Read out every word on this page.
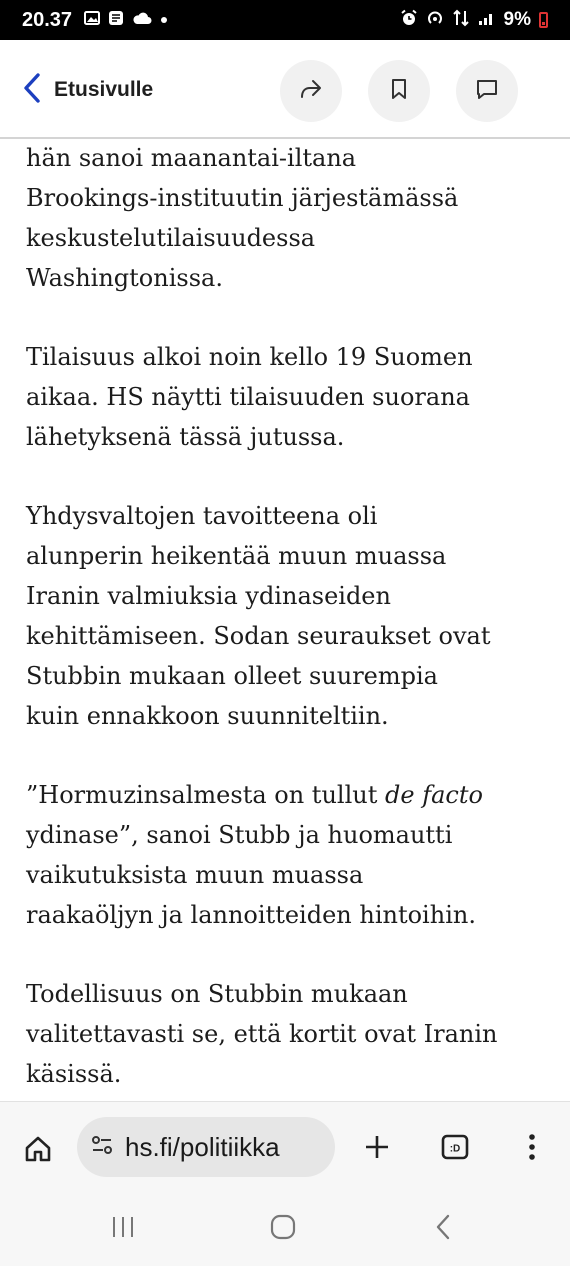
20.37	9%
Etusivulle

hän sanoi maanantai-iltana
Brookings-instituutin järjestämässä
keskustelutilaisuudessa
Washingtonissa.

Tilaisuus alkoi noin kello 19 Suomen
aikaa. HS näytti tilaisuuden suorana
lähetyksenä tässä jutussa.

Yhdysvaltojen tavoitteena oli
alunperin heikentää muun muassa
Iranin valmiuksia ydinaseiden
kehittämiseen. Sodan seuraukset ovat
Stubbin mukaan olleet suurempia
kuin ennakkoon suunniteltiin.

”Hormuzinsalmesta on tullut de facto
ydinase”, sanoi Stubb ja huomautti
vaikutuksista muun muassa
raakaöljyn ja lannoitteiden hintoihin.

Todellisuus on Stubbin mukaan
valitettavasti se, että kortit ovat Iranin
käsissä.

hs.fi/politiikka	:D
